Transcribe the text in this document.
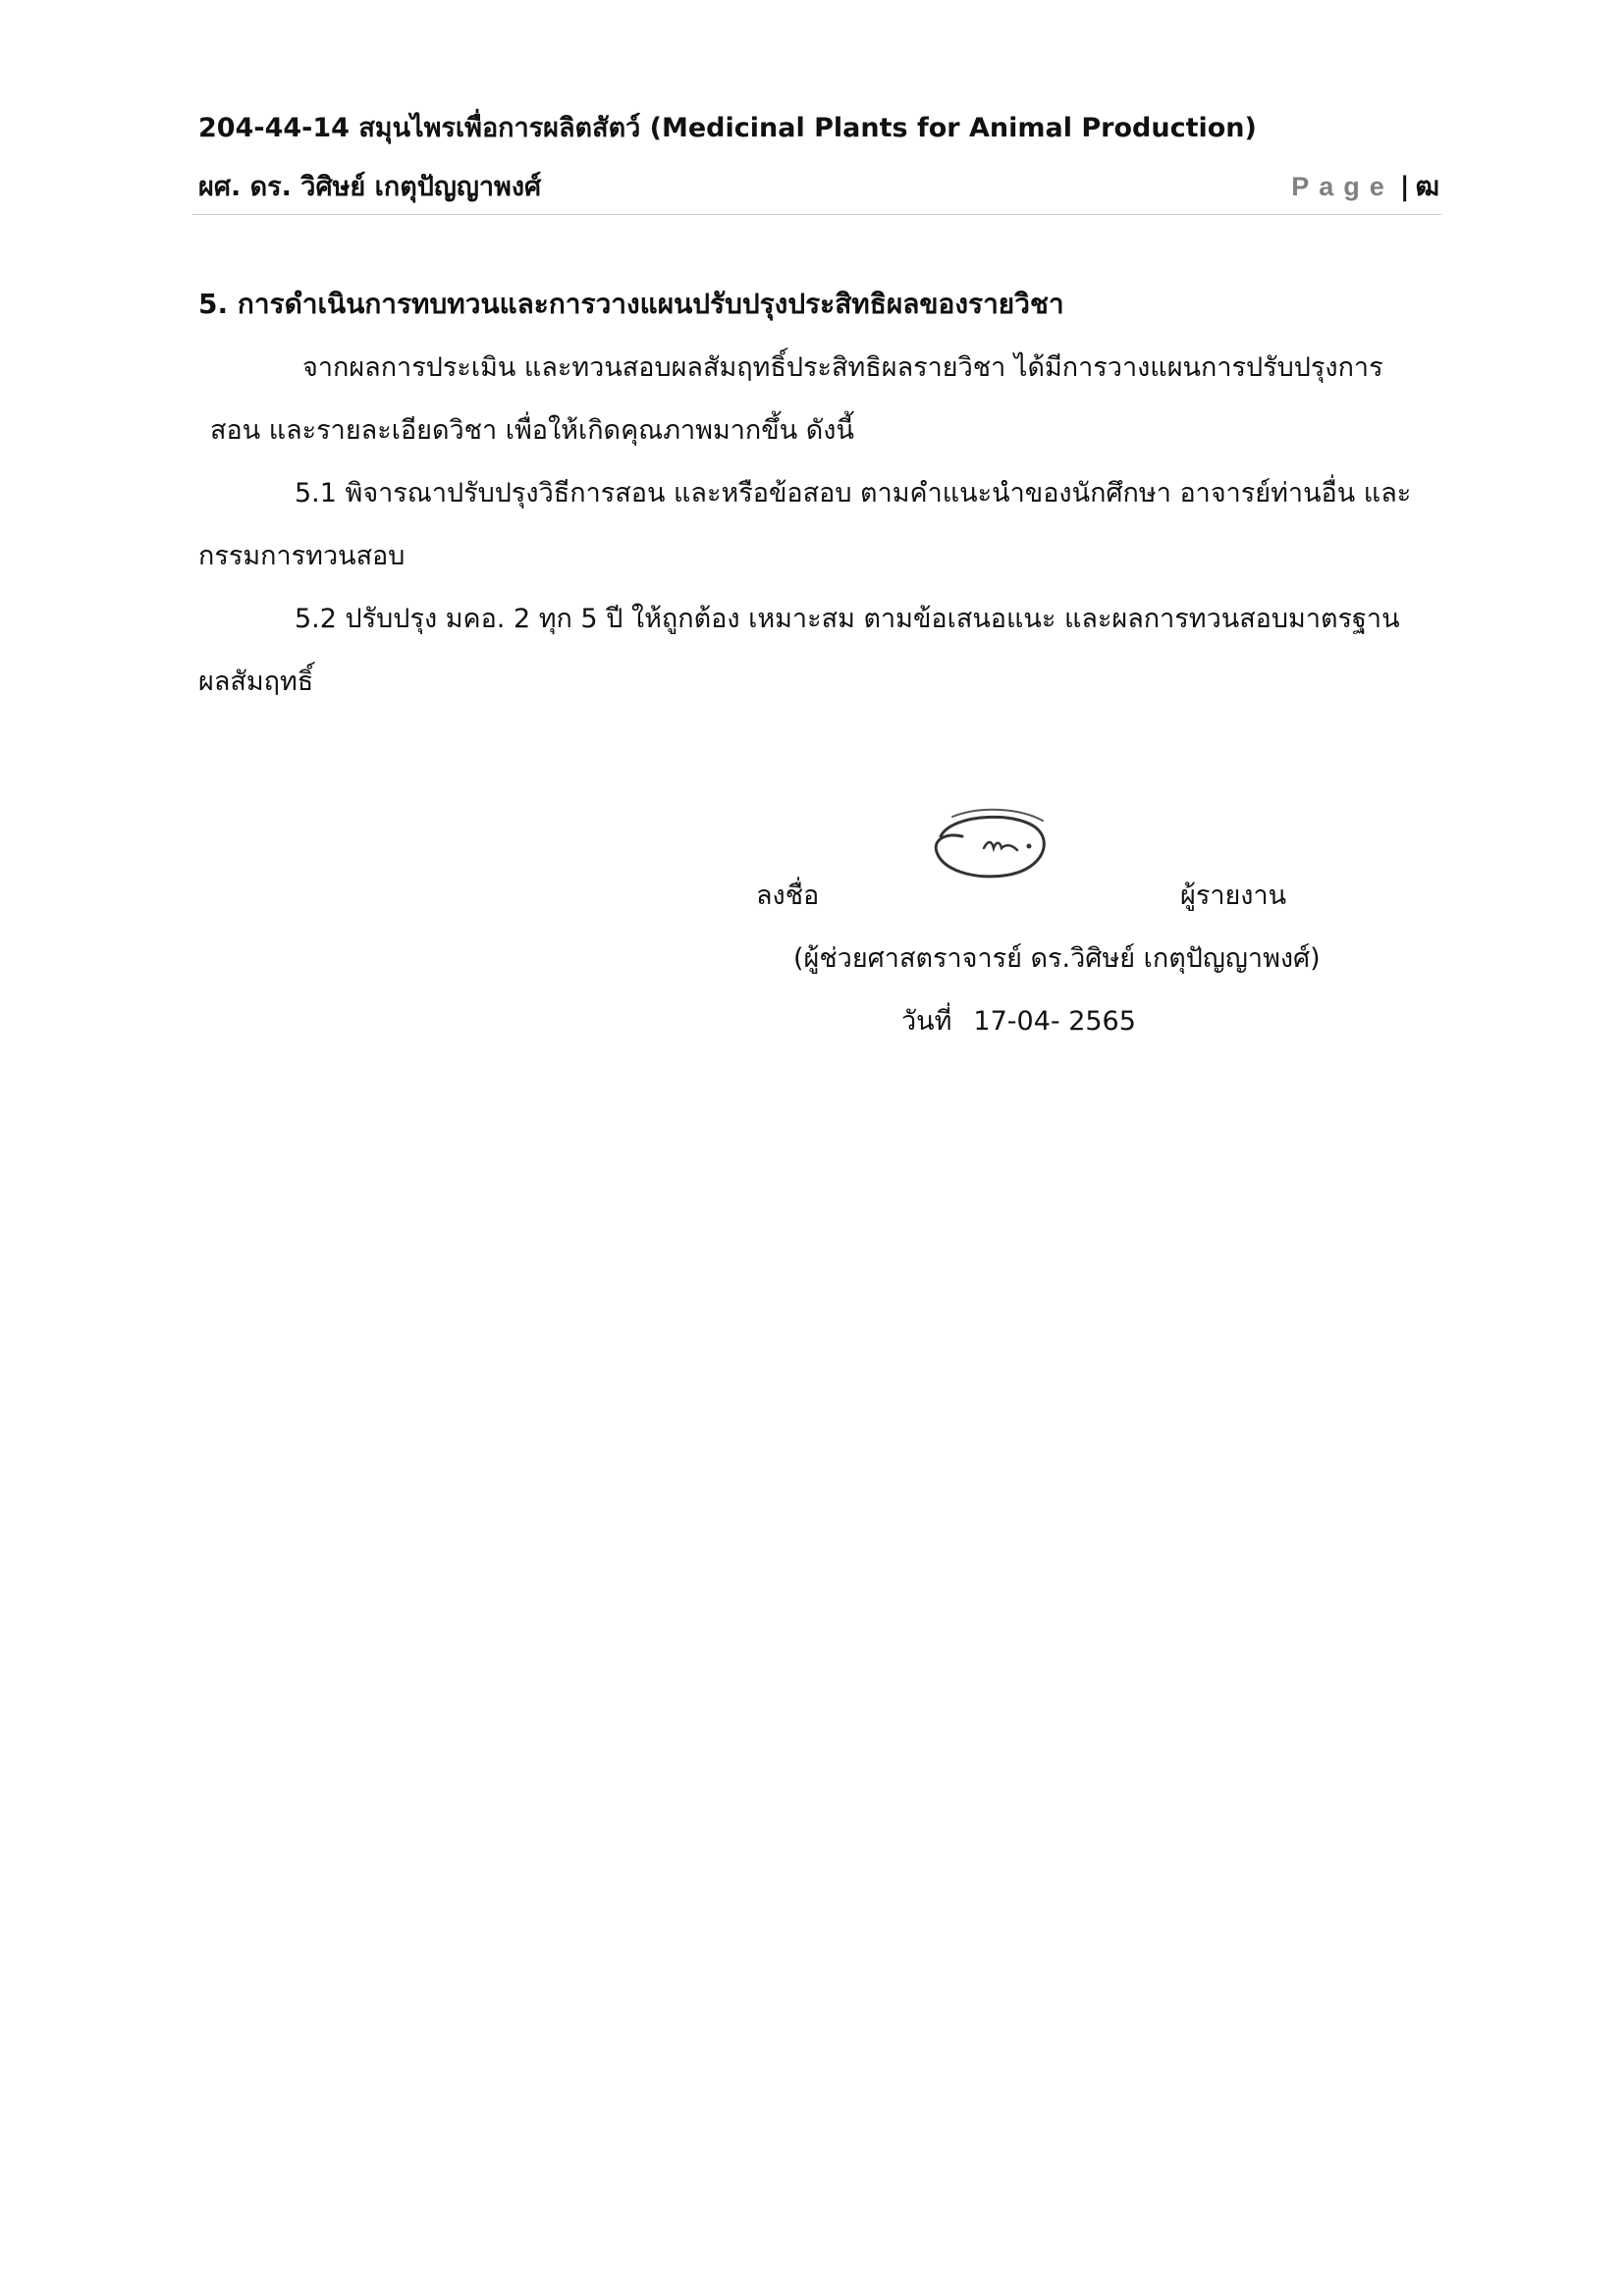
204-44-14 สมุนไพรเพื่อการผลิตสัตว์ (Medicinal Plants for Animal Production)
ผศ. ดร. วิศิษย์ เกตุปัญญาพงศ์	Page | ฒ
5. การดำเนินการทบทวนและการวางแผนปรับปรุงประสิทธิผลของรายวิชา
จากผลการประเมิน และทวนสอบผลสัมฤทธิ์ประสิทธิผลรายวิชา ได้มีการวางแผนการปรับปรุงการ
สอน และรายละเอียดวิชา เพื่อให้เกิดคุณภาพมากขึ้น ดังนี้
5.1 พิจารณาปรับปรุงวิธีการสอน และหรือข้อสอบ ตามคำแนะนำของนักศึกษา อาจารย์ท่านอื่น และ
กรรมการทวนสอบ
5.2 ปรับปรุง มคอ. 2 ทุก 5 ปี ให้ถูกต้อง เหมาะสม ตามข้อเสนอแนะ และผลการทวนสอบมาตรฐาน
ผลสัมฤทธิ์
ลงชื่อ	ผู้รายงาน
(ผู้ช่วยศาสตราจารย์ ดร.วิศิษย์ เกตุปัญญาพงศ์)
วันที่ 17-04- 2565
